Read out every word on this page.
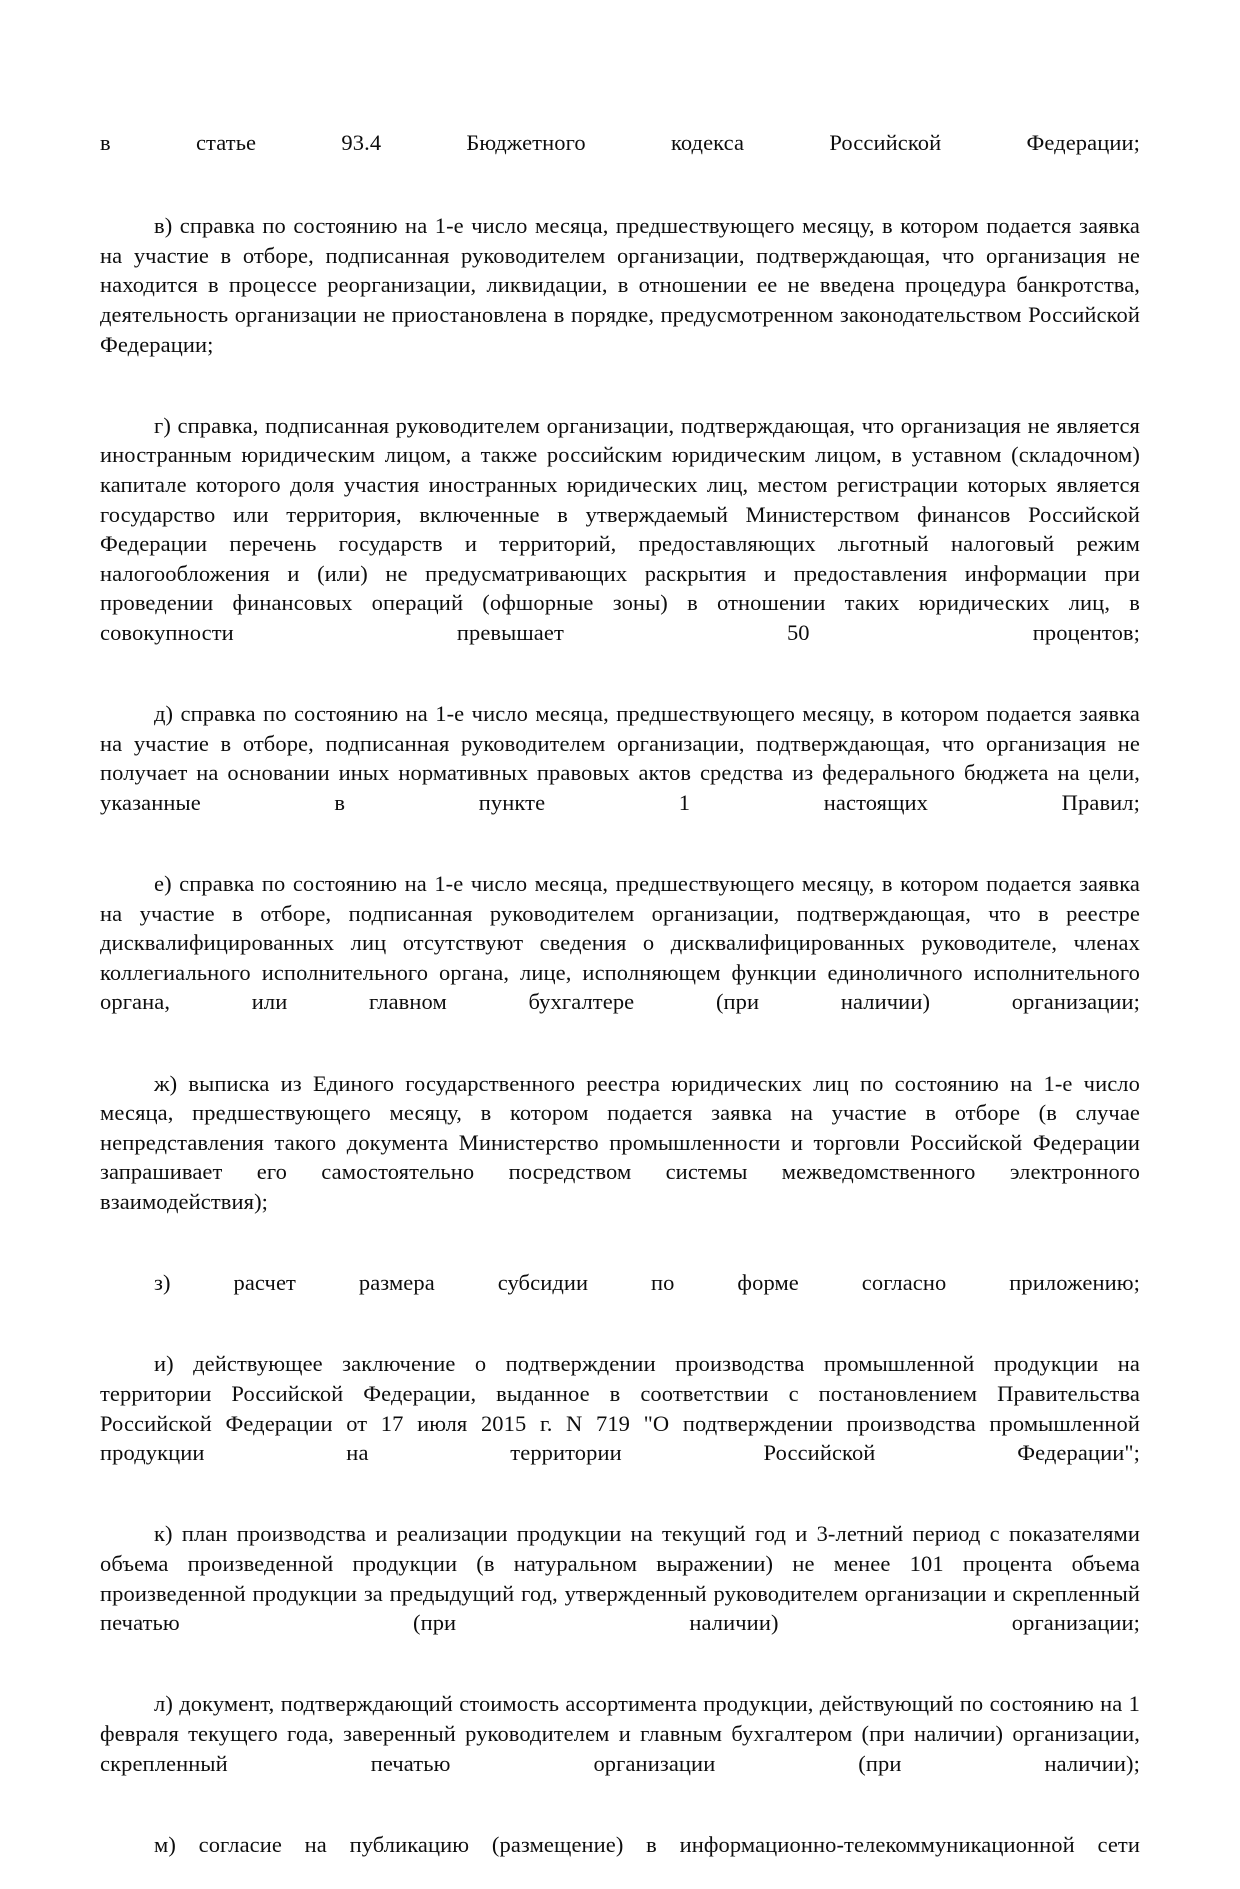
в статье 93.4 Бюджетного кодекса Российской Федерации;

в) справка по состоянию на 1-е число месяца, предшествующего месяцу, в котором подается заявка на участие в отборе, подписанная руководителем организации, подтверждающая, что организация не находится в процессе реорганизации, ликвидации, в отношении ее не введена процедура банкротства, деятельность организации не приостановлена в порядке, предусмотренном законодательством Российской Федерации;

г) справка, подписанная руководителем организации, подтверждающая, что организация не является иностранным юридическим лицом, а также российским юридическим лицом, в уставном (складочном) капитале которого доля участия иностранных юридических лиц, местом регистрации которых является государство или территория, включенные в утверждаемый Министерством финансов Российской Федерации перечень государств и территорий, предоставляющих льготный налоговый режим налогообложения и (или) не предусматривающих раскрытия и предоставления информации при проведении финансовых операций (офшорные зоны) в отношении таких юридических лиц, в совокупности превышает 50 процентов;

д) справка по состоянию на 1-е число месяца, предшествующего месяцу, в котором подается заявка на участие в отборе, подписанная руководителем организации, подтверждающая, что организация не получает на основании иных нормативных правовых актов средства из федерального бюджета на цели, указанные в пункте 1 настоящих Правил;

е) справка по состоянию на 1-е число месяца, предшествующего месяцу, в котором подается заявка на участие в отборе, подписанная руководителем организации, подтверждающая, что в реестре дисквалифицированных лиц отсутствуют сведения о дисквалифицированных руководителе, членах коллегиального исполнительного органа, лице, исполняющем функции единоличного исполнительного органа, или главном бухгалтере (при наличии) организации;

ж) выписка из Единого государственного реестра юридических лиц по состоянию на 1-е число месяца, предшествующего месяцу, в котором подается заявка на участие в отборе (в случае непредставления такого документа Министерство промышленности и торговли Российской Федерации запрашивает его самостоятельно посредством системы межведомственного электронного взаимодействия);

з) расчет размера субсидии по форме согласно приложению;

и) действующее заключение о подтверждении производства промышленной продукции на территории Российской Федерации, выданное в соответствии с постановлением Правительства Российской Федерации от 17 июля 2015 г. N 719 "О подтверждении производства промышленной продукции на территории Российской Федерации";

к) план производства и реализации продукции на текущий год и 3-летний период с показателями объема произведенной продукции (в натуральном выражении) не менее 101 процента объема произведенной продукции за предыдущий год, утвержденный руководителем организации и скрепленный печатью (при наличии) организации;

л) документ, подтверждающий стоимость ассортимента продукции, действующий по состоянию на 1 февраля текущего года, заверенный руководителем и главным бухгалтером (при наличии) организации, скрепленный печатью организации (при наличии);

м) согласие на публикацию (размещение) в информационно-телекоммуникационной сети
